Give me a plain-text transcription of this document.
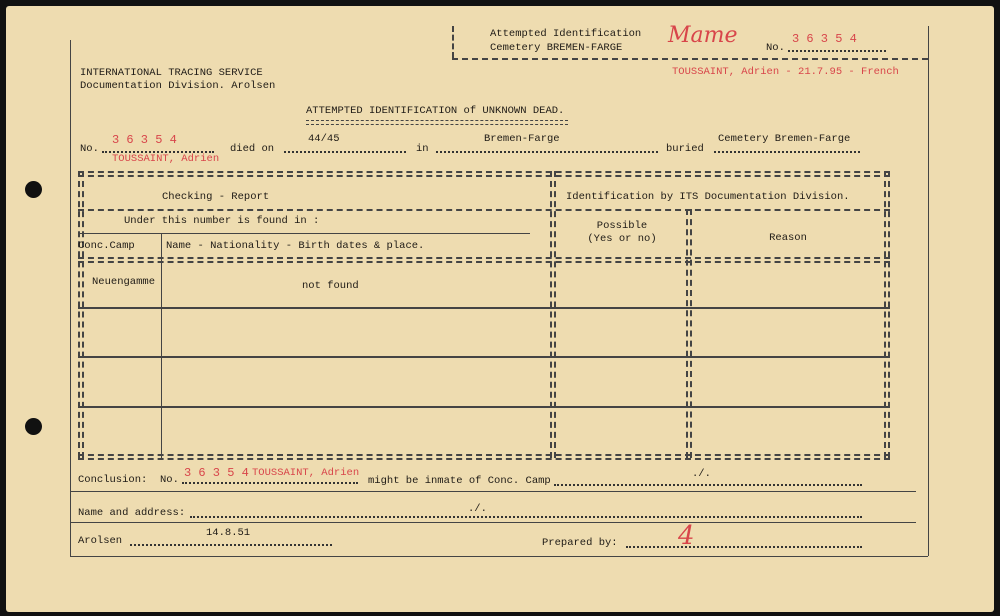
Attempted Identification
Cemetery BREMEN-FARGE Mame	No.
3 6 3 5 4
INTERNATIONAL TRACING SERVICE
Documentation Division. Arolsen
TOUSSAINT, Adrien - 21.7.95 - French
ATTEMPTED IDENTIFICATION of UNKNOWN DEAD.
No.
3 6 3 5 4
TOUSSAINT, Adrien
died on
44/45
in
Bremen-Farge
buried
Cemetery Bremen-Farge
Checking - Report
Under this number is found in :
Conc.Camp	Name - Nationality - Birth dates & place.
Identification by ITS Documentation Division.
Possible
(Yes or no)	Reason
Neuengamme	not found
Conclusion: No. 3 6 3 5 4 TOUSSAINT, Adrien
might be inmate of Conc. Camp
./.
Name and address:	./.
Arolsen
14.8.51
Prepared by: 4
